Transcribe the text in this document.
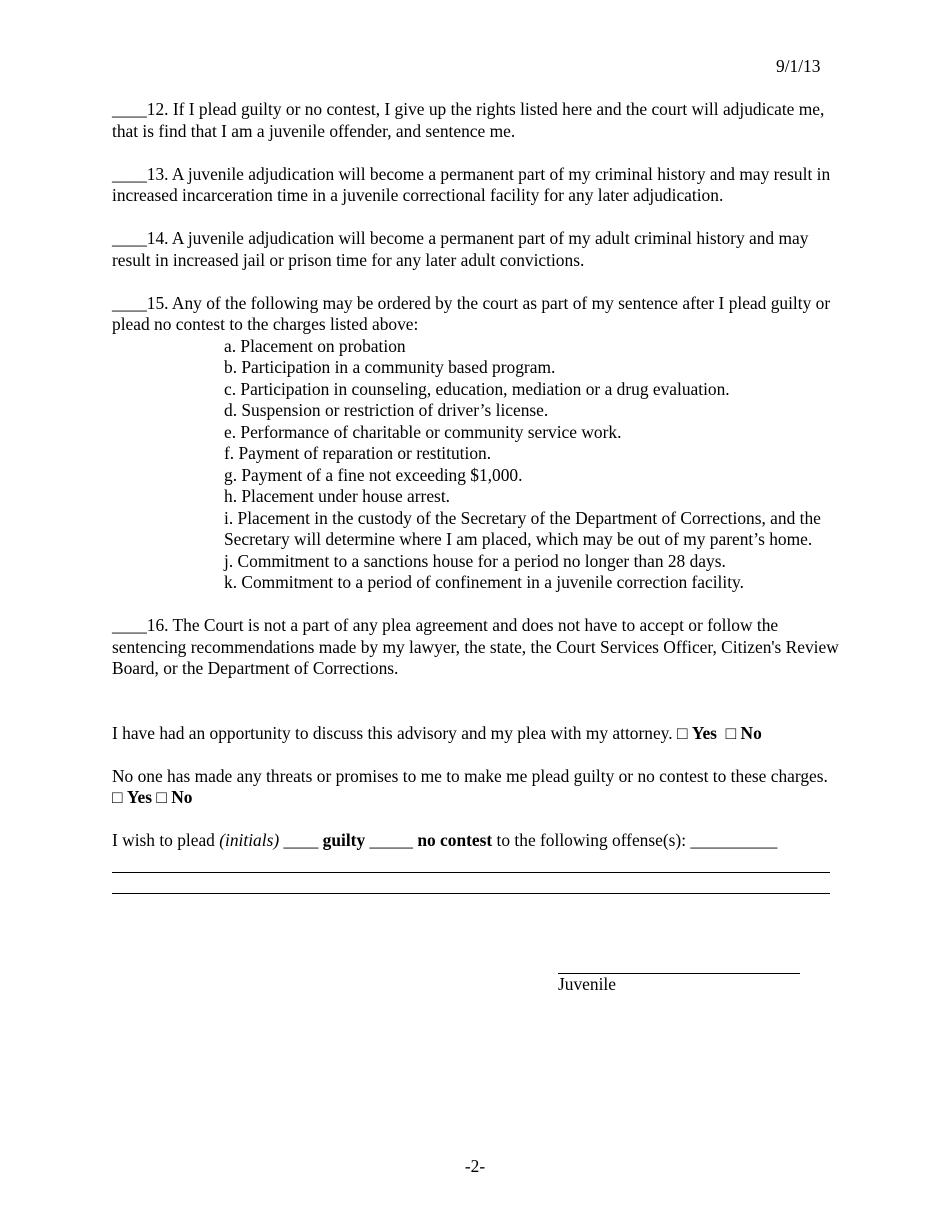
9/1/13

____12. If I plead guilty or no contest, I give up the rights listed here and the court will adjudicate me, that is find that I am a juvenile offender, and sentence me.

____13. A juvenile adjudication will become a permanent part of my criminal history and may result in increased incarceration time in a juvenile correctional facility for any later adjudication.

____14. A juvenile adjudication will become a permanent part of my adult criminal history and may result in increased jail or prison time for any later adult convictions.

____15. Any of the following may be ordered by the court as part of my sentence after I plead guilty or plead no contest to the charges listed above:

a. Placement on probation
b. Participation in a community based program.
c. Participation in counseling, education, mediation or a drug evaluation.
d. Suspension or restriction of driver’s license.
e. Performance of charitable or community service work.
f. Payment of reparation or restitution.
g. Payment of a fine not exceeding $1,000.
h. Placement under house arrest.
i. Placement in the custody of the Secretary of the Department of Corrections, and the Secretary will determine where I am placed, which may be out of my parent’s home.
j. Commitment to a sanctions house for a period no longer than 28 days.
k. Commitment to a period of confinement in a juvenile correction facility.

____16. The Court is not a part of any plea agreement and does not have to accept or follow the sentencing recommendations made by my lawyer, the state, the Court Services Officer, Citizen's Review Board, or the Department of Corrections.

I have had an opportunity to discuss this advisory and my plea with my attorney. □ Yes □ No

No one has made any threats or promises to me to make me plead guilty or no contest to these charges. □ Yes □ No

I wish to plead (initials) ____ guilty _____ no contest to the following offense(s): __________

Juvenile
-2-
